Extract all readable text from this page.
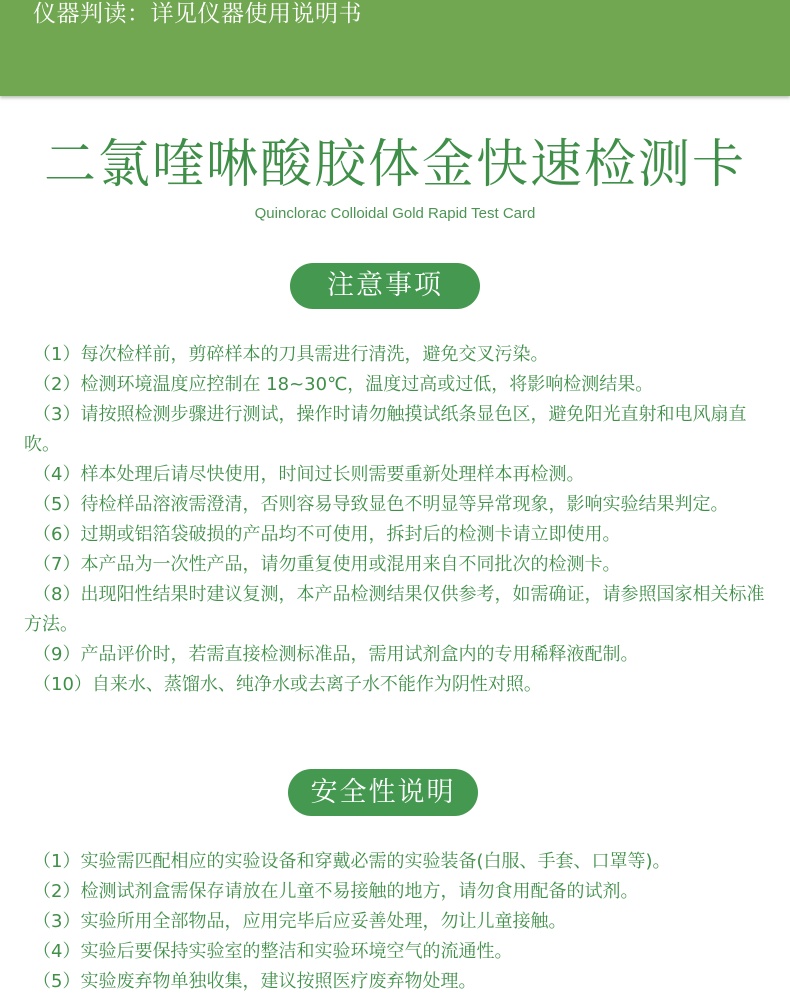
仪器判读：详见仪器使用说明书
二氯喹啉酸胶体金快速检测卡
Quinclorac Colloidal Gold Rapid Test Card
注意事项

（1）每次检样前，剪碎样本的刀具需进行清洗，避免交叉污染。

（2）检测环境温度应控制在 18~30℃，温度过高或过低，将影响检测结果。

（3）请按照检测步骤进行测试，操作时请勿触摸试纸条显色区，避免阳光直射和电风扇直吹。

（4）样本处理后请尽快使用，时间过长则需要重新处理样本再检测。

（5）待检样品溶液需澄清，否则容易导致显色不明显等异常现象，影响实验结果判定。

（6）过期或铝箔袋破损的产品均不可使用，拆封后的检测卡请立即使用。

（7）本产品为一次性产品，请勿重复使用或混用来自不同批次的检测卡。

（8）出现阳性结果时建议复测，本产品检测结果仅供参考，如需确证，请参照国家相关标准方法。

（9）产品评价时，若需直接检测标准品，需用试剂盒内的专用稀释液配制。

（10）自来水、蒸馏水、纯净水或去离子水不能作为阴性对照。

安全性说明

（1）实验需匹配相应的实验设备和穿戴必需的实验装备(白服、手套、口罩等)。

（2）检测试剂盒需保存请放在儿童不易接触的地方，请勿食用配备的试剂。

（3）实验所用全部物品，应用完毕后应妥善处理，勿让儿童接触。

（4）实验后要保持实验室的整洁和实验环境空气的流通性。

（5）实验废弃物单独收集，建议按照医疗废弃物处理。
